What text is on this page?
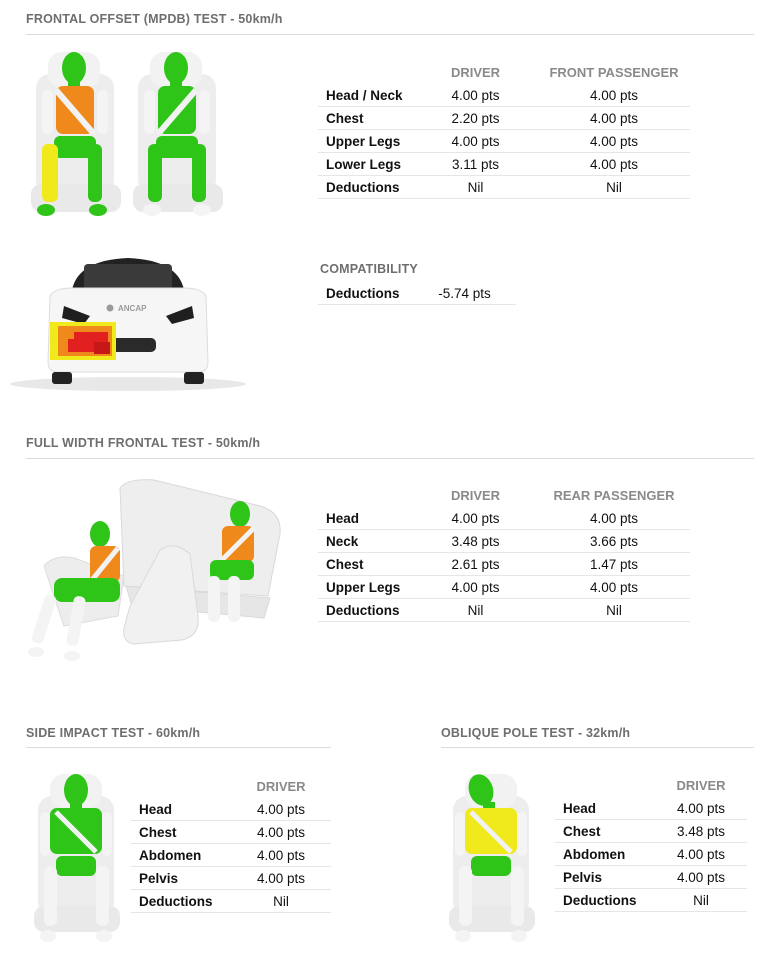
FRONTAL OFFSET (MPDB) TEST - 50km/h
	DRIVER	FRONT PASSENGER
Head / Neck	4.00 pts	4.00 pts
Chest	2.20 pts	4.00 pts
Upper Legs	4.00 pts	4.00 pts
Lower Legs	3.11 pts	4.00 pts
Deductions	Nil	Nil
ANCAP
COMPATIBILITY
Deductions	-5.74 pts
FULL WIDTH FRONTAL TEST - 50km/h
	DRIVER	REAR PASSENGER
Head	4.00 pts	4.00 pts
Neck	3.48 pts	3.66 pts
Chest	2.61 pts	1.47 pts
Upper Legs	4.00 pts	4.00 pts
Deductions	Nil	Nil
SIDE IMPACT TEST - 60km/h
	DRIVER
Head	4.00 pts
Chest	4.00 pts
Abdomen	4.00 pts
Pelvis	4.00 pts
Deductions	Nil
OBLIQUE POLE TEST - 32km/h
	DRIVER
Head	4.00 pts
Chest	3.48 pts
Abdomen	4.00 pts
Pelvis	4.00 pts
Deductions	Nil
